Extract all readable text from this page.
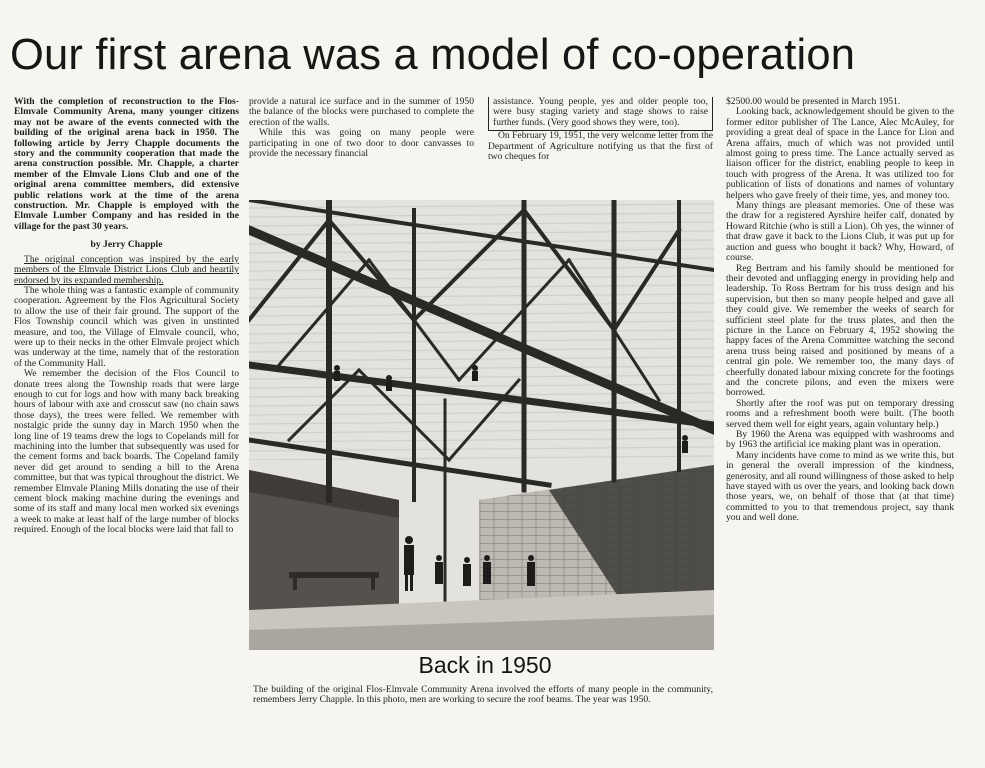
Our first arena was a model of co-operation

With the completion of reconstruction to the Flos-Elmvale Community Arena, many younger citizens may not be aware of the events connected with the building of the original arena back in 1950. The following article by Jerry Chapple documents the story and the community cooperation that made the arena construction possible. Mr. Chapple, a charter member of the Elmvale Lions Club and one of the original arena committee members, did extensive public relations work at the time of the arena construction. Mr. Chapple is employed with the Elmvale Lumber Company and has resided in the village for the past 30 years.

by Jerry Chapple

The original conception was inspired by the early members of the Elmvale District Lions Club and heartily endorsed by its expanded membership.

The whole thing was a fantastic example of community cooperation. Agreement by the Flos Agricultural Society to allow the use of their fair ground. The support of the Flos Township council which was given in unstinted measure, and too, the Village of Elmvale council, who, were up to their necks in the other Elmvale project which was underway at the time, namely that of the restoration of the Community Hall.

We remember the decision of the Flos Council to donate trees along the Township roads that were large enough to cut for logs and how with many back breaking hours of labour with axe and crosscut saw (no chain saws those days), the trees were felled. We remember with nostalgic pride the sunny day in March 1950 when the long line of 19 teams drew the logs to Copelands mill for machining into the lumber that subsequently was used for the cement forms and back boards. The Copeland family never did get around to sending a bill to the Arena committee, but that was typical throughout the district. We remember Elmvale Planing Mills donating the use of their cement block making machine during the evenings and some of its staff and many local men worked six evenings a week to make at least half of the large number of blocks required. Enough of the local blocks were laid that fall to

provide a natural ice surface and in the summer of 1950 the balance of the blocks were purchased to complete the erection of the walls.

While this was going on many people were participating in one of two door to door canvasses to provide the necessary financial

assistance. Young people, yes and older people too, were busy staging variety and stage shows to raise further funds. (Very good shows they were, too).

On February 19, 1951, the very welcome letter from the Department of Agriculture notifying us that the first of two cheques for

$2500.00 would be presented in March 1951.

Looking back, acknowledgement should be given to the former editor publisher of The Lance, Alec McAuley, for providing a great deal of space in the Lance for Lion and Arena affairs, much of which was not provided until almost going to press time. The Lance actually served as liaison officer for the district, enabling people to keep in touch with progress of the Arena. It was utilized too for publication of lists of donations and names of voluntary helpers who gave freely of their time, yes, and money too.

Many things are pleasant memories. One of these was the draw for a registered Ayrshire heifer calf, donated by Howard Ritchie (who is still a Lion). Oh yes, the winner of that draw gave it back to the Lions Club, it was put up for auction and guess who bought it back? Why, Howard, of course.

Reg Bertram and his family should be mentioned for their devoted and unflagging energy in providing help and leadership. To Ross Bertram for his truss design and his supervision, but then so many people helped and gave all they could give. We remember the weeks of search for sufficient steel plate for the truss plates, and then the picture in the Lance on February 4, 1952 showing the happy faces of the Arena Committee watching the second arena truss being raised and positioned by means of a central gin pole. We remember too, the many days of cheerfully donated labour mixing concrete for the footings and the concrete pilons, and even the mixers were borrowed.

Shortly after the roof was put on temporary dressing rooms and a refreshment booth were built. (The booth served them well for eight years, again voluntary help.)

By 1960 the Arena was equipped with washrooms and by 1963 the artificial ice making plant was in operation.

Many incidents have come to mind as we write this, but in general the overall impression of the kindness, generosity, and all round willingness of those asked to help have stayed with us over the years, and looking back down those years, we, on behalf of those that (at that time) committed to you to that tremendous project, say thank you and well done.

Back in 1950
The building of the original Flos-Elmvale Community Arena involved the efforts of many people in the community, remembers Jerry Chapple. In this photo, men are working to secure the roof beams. The year was 1950.
